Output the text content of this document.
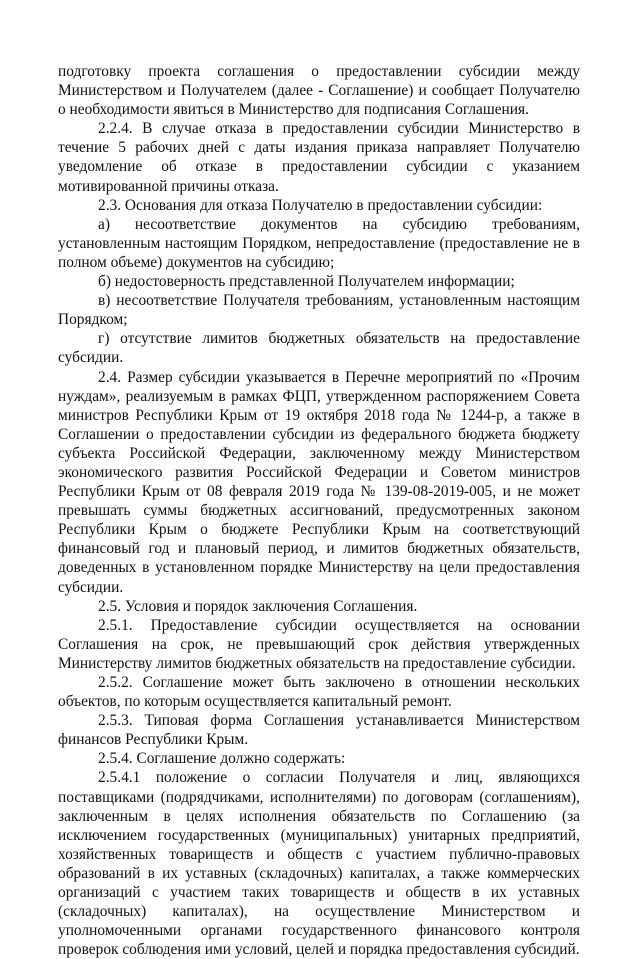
подготовку проекта соглашения о предоставлении субсидии между Министерством и Получателем (далее - Соглашение) и сообщает Получателю о необходимости явиться в Министерство для подписания Соглашения.

2.2.4. В случае отказа в предоставлении субсидии Министерство в течение 5 рабочих дней с даты издания приказа направляет Получателю уведомление об отказе в предоставлении субсидии с указанием мотивированной причины отказа.

2.3. Основания для отказа Получателю в предоставлении субсидии:

а) несоответствие документов на субсидию требованиям, установленным настоящим Порядком, непредоставление (предоставление не в полном объеме) документов на субсидию;

б) недостоверность представленной Получателем информации;

в) несоответствие Получателя требованиям, установленным настоящим Порядком;

г) отсутствие лимитов бюджетных обязательств на предоставление субсидии.

2.4. Размер субсидии указывается в Перечне мероприятий по «Прочим нуждам», реализуемым в рамках ФЦП, утвержденном распоряжением Совета министров Республики Крым от 19 октября 2018 года № 1244-р, а также в Соглашении о предоставлении субсидии из федерального бюджета бюджету субъекта Российской Федерации, заключенному между Министерством экономического развития Российской Федерации и Советом министров Республики Крым от 08 февраля 2019 года № 139-08-2019-005, и не может превышать суммы бюджетных ассигнований, предусмотренных законом Республики Крым о бюджете Республики Крым на соответствующий финансовый год и плановый период, и лимитов бюджетных обязательств, доведенных в установленном порядке Министерству на цели предоставления субсидии.

2.5. Условия и порядок заключения Соглашения.

2.5.1. Предоставление субсидии осуществляется на основании Соглашения на срок, не превышающий срок действия утвержденных Министерству лимитов бюджетных обязательств на предоставление субсидии.

2.5.2. Соглашение может быть заключено в отношении нескольких объектов, по которым осуществляется капитальный ремонт.

2.5.3. Типовая форма Соглашения устанавливается Министерством финансов Республики Крым.

2.5.4. Соглашение должно содержать:

2.5.4.1 положение о согласии Получателя и лиц, являющихся поставщиками (подрядчиками, исполнителями) по договорам (соглашениям), заключенным в целях исполнения обязательств по Соглашению (за исключением государственных (муниципальных) унитарных предприятий, хозяйственных товариществ и обществ с участием публично-правовых образований в их уставных (складочных) капиталах, а также коммерческих организаций с участием таких товариществ и обществ в их уставных (складочных) капиталах), на осуществление Министерством и уполномоченными органами государственного финансового контроля проверок соблюдения ими условий, целей и порядка предоставления субсидий.
